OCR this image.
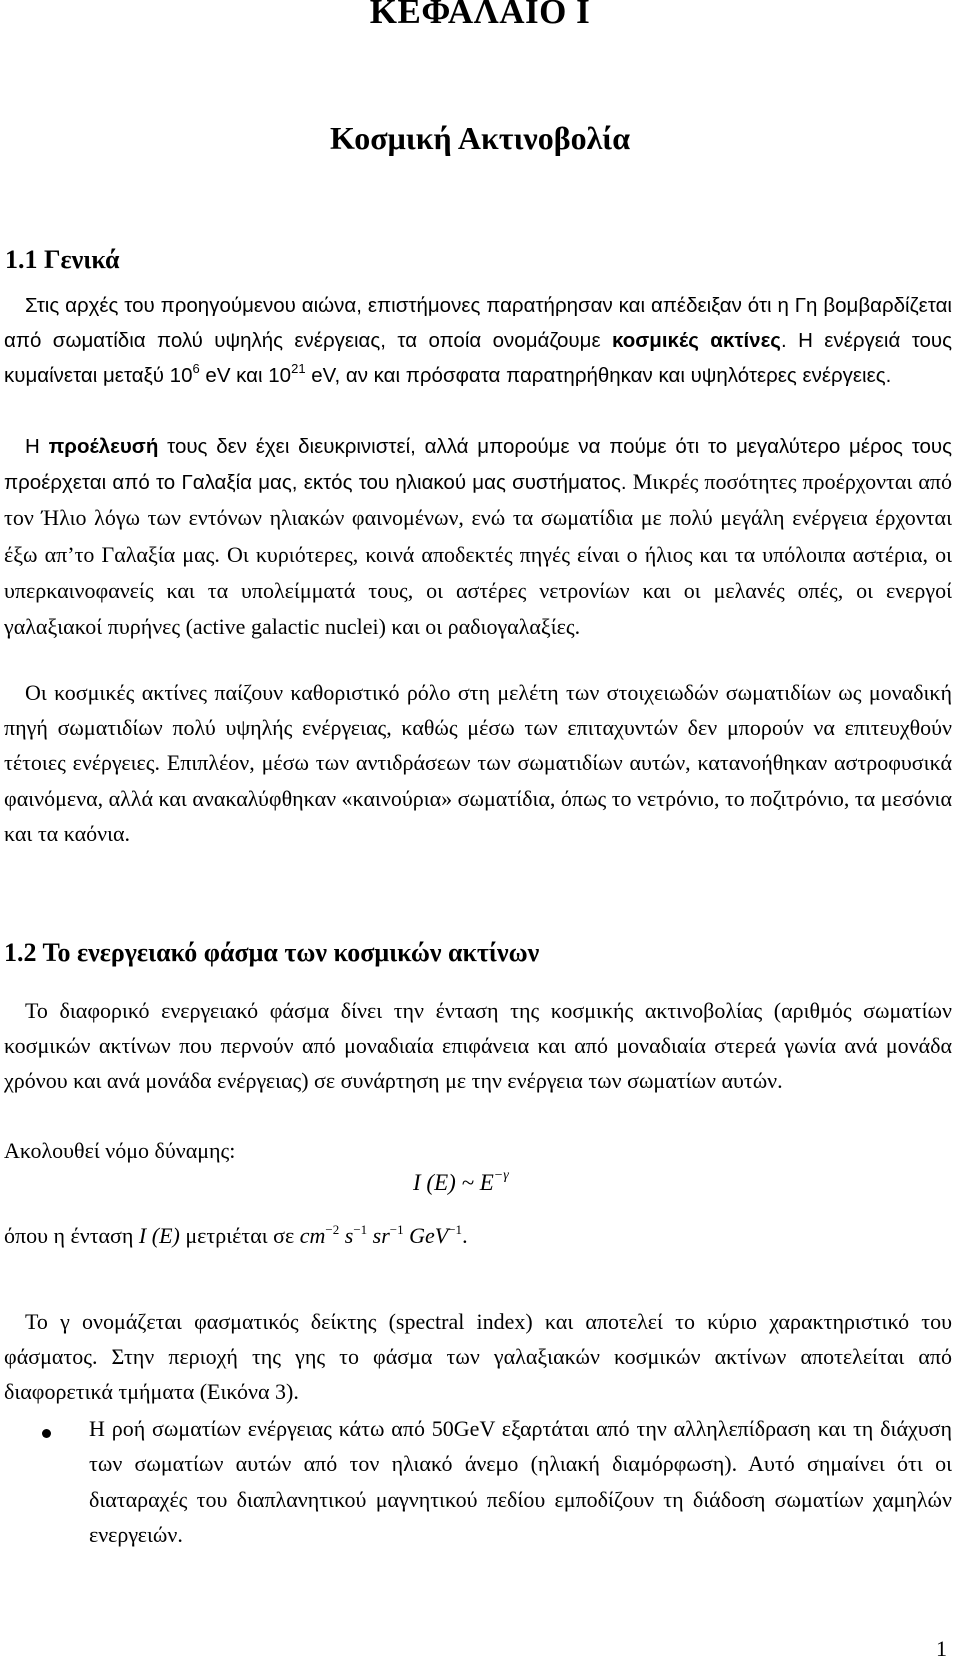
ΚΕΦΑΛΑΙΟ Ι
Κοσμική Ακτινοβολία
1.1 Γενικά
Στις αρχές του προηγούμενου αιώνα, επιστήμονες παρατήρησαν και απέδειξαν ότι η Γη βομβαρδίζεται από σωματίδια πολύ υψηλής ενέργειας, τα οποία ονομάζουμε κοσμικές ακτίνες. Η ενέργειά τους κυμαίνεται μεταξύ $10^6$ eV και $10^{21}$ eV, αν και πρόσφατα παρατηρήθηκαν και υψηλότερες ενέργειες.
Η προέλευσή τους δεν έχει διευκρινιστεί, αλλά μπορούμε να πούμε ότι το μεγαλύτερο μέρος τους προέρχεται από το Γαλαξία μας, εκτός του ηλιακού μας συστήματος. Μικρές ποσότητες προέρχονται από τον Ήλιο λόγω των εντόνων ηλιακών φαινομένων, ενώ τα σωματίδια με πολύ μεγάλη ενέργεια έρχονται έξω απ’το Γαλαξία μας. Οι κυριότερες, κοινά αποδεκτές πηγές είναι ο ήλιος και τα υπόλοιπα αστέρια, οι υπερκαινοφανείς και τα υπολείμματά τους, οι αστέρες νετρονίων και οι μελανές οπές, οι ενεργοί γαλαξιακοί πυρήνες (active galactic nuclei) και οι ραδιογαλαξίες.
Οι κοσμικές ακτίνες παίζουν καθοριστικό ρόλο στη μελέτη των στοιχειωδών σωματιδίων ως μοναδική πηγή σωματιδίων πολύ υψηλής ενέργειας, καθώς μέσω των επιταχυντών δεν μπορούν να επιτευχθούν τέτοιες ενέργειες. Επιπλέον, μέσω των αντιδράσεων των σωματιδίων αυτών, κατανοήθηκαν αστροφυσικά φαινόμενα, αλλά και ανακαλύφθηκαν «καινούρια» σωματίδια, όπως το νετρόνιο, το ποζιτρόνιο, τα μεσόνια και τα καόνια.
1.2 Το ενεργειακό φάσμα των κοσμικών ακτίνων
Το διαφορικό ενεργειακό φάσμα δίνει την ένταση της κοσμικής ακτινοβολίας (αριθμός σωματίων κοσμικών ακτίνων που περνούν από μοναδιαία επιφάνεια και από μοναδιαία στερεά γωνία ανά μονάδα χρόνου και ανά μονάδα ενέργειας) σε συνάρτηση με την ενέργεια των σωματίων αυτών.
Ακολουθεί νόμο δύναμης:
I (E) ~ $E^{-\gamma}$
όπου η ένταση I (E) μετριέται σε $cm^{-2}$ $s^{-1}$ $sr^{-1}$ GeV$^{-1}$.
Το γ ονομάζεται φασματικός δείκτης (spectral index) και αποτελεί το κύριο χαρακτηριστικό του φάσματος. Στην περιοχή της γης το φάσμα των γαλαξιακών κοσμικών ακτίνων αποτελείται από διαφορετικά τμήματα (Εικόνα 3).
Η ροή σωματίων ενέργειας κάτω από 50GeV εξαρτάται από την αλληλεπίδραση και τη διάχυση των σωματίων αυτών από τον ηλιακό άνεμο (ηλιακή διαμόρφωση). Αυτό σημαίνει ότι οι διαταραχές του διαπλανητικού μαγνητικού πεδίου εμποδίζουν τη διάδοση σωματίων χαμηλών ενεργειών.
1
